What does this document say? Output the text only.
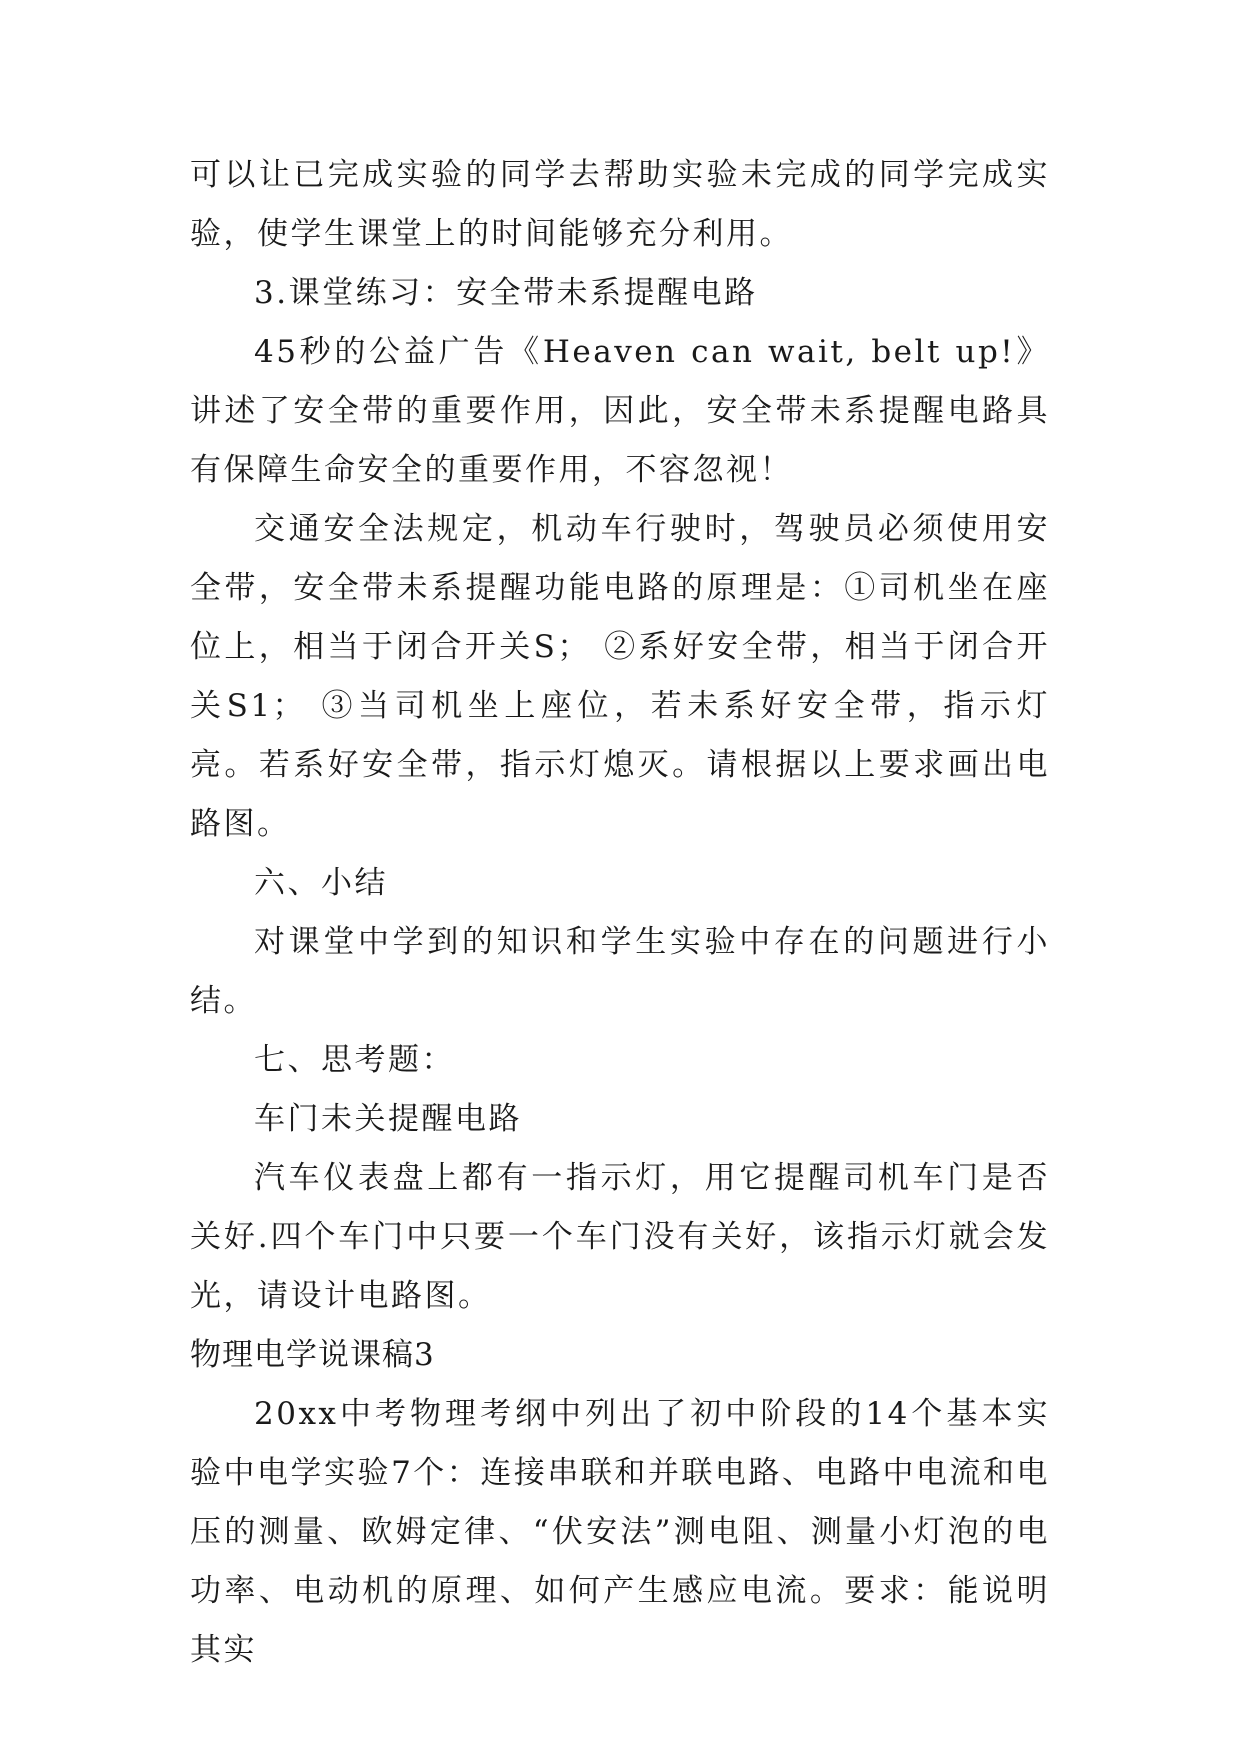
可以让已完成实验的同学去帮助实验未完成的同学完成实验，使学生课堂上的时间能够充分利用。

3.课堂练习：安全带未系提醒电路

45秒的公益广告《Heaven can wait, belt up!》讲述了安全带的重要作用，因此，安全带未系提醒电路具有保障生命安全的重要作用，不容忽视！

交通安全法规定，机动车行驶时，驾驶员必须使用安全带，安全带未系提醒功能电路的原理是：①司机坐在座位上，相当于闭合开关S； ②系好安全带，相当于闭合开关S1； ③当司机坐上座位，若未系好安全带，指示灯亮。若系好安全带，指示灯熄灭。请根据以上要求画出电路图。

六、小结

对课堂中学到的知识和学生实验中存在的问题进行小结。

七、思考题：

车门未关提醒电路

汽车仪表盘上都有一指示灯，用它提醒司机车门是否关好.四个车门中只要一个车门没有关好，该指示灯就会发光，请设计电路图。

物理电学说课稿3

20xx中考物理考纲中列出了初中阶段的14个基本实验中电学实验7个：连接串联和并联电路、电路中电流和电压的测量、欧姆定律、“伏安法”测电阻、测量小灯泡的电功率、电动机的原理、如何产生感应电流。要求：能说明其实
